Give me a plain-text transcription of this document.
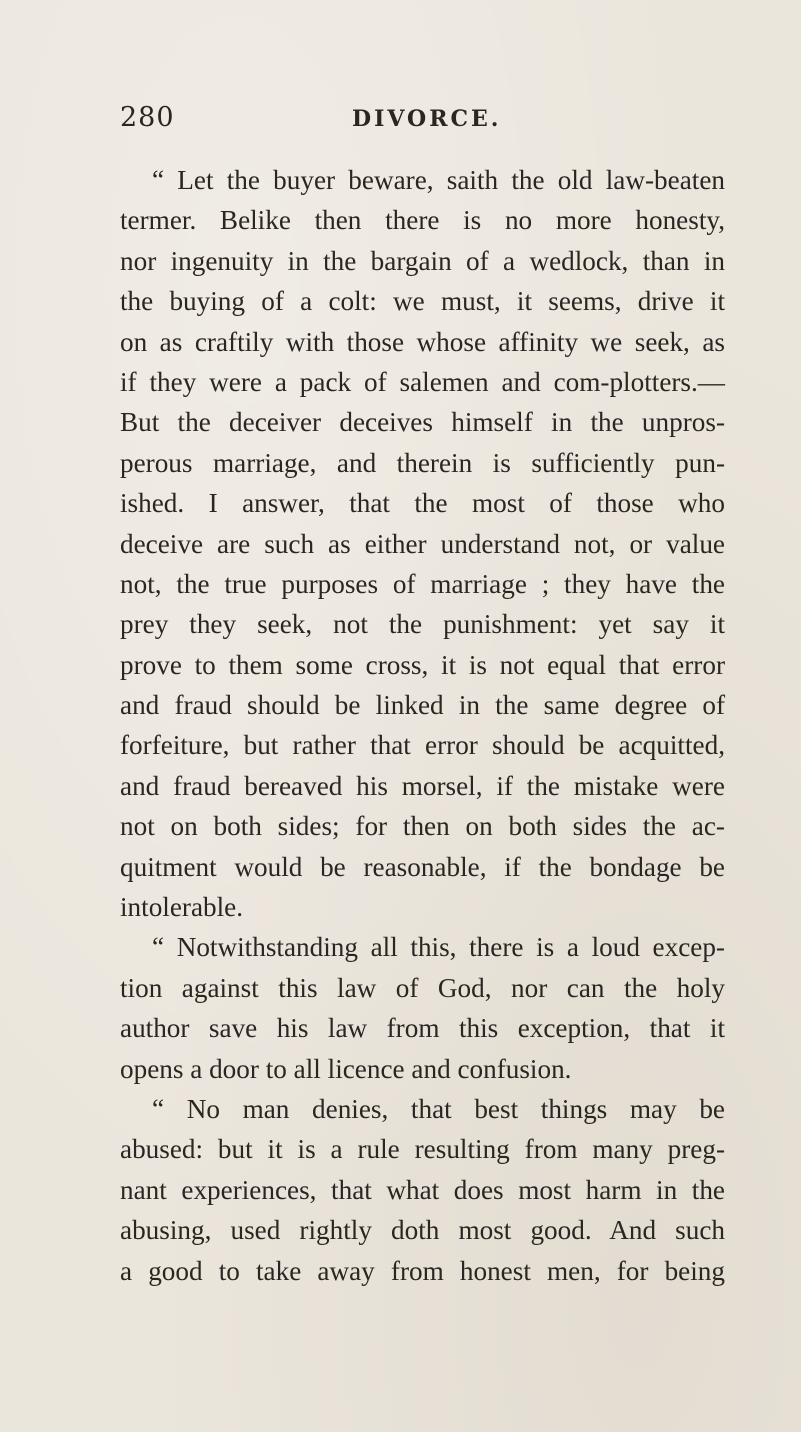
280	DIVORCE.
“ Let the buyer beware, saith the old law-beaten
termer. Belike then there is no more honesty,
nor ingenuity in the bargain of a wedlock, than in
the buying of a colt: we must, it seems, drive it
on as craftily with those whose affinity we seek, as
if they were a pack of salemen and com-plotters.—
But the deceiver deceives himself in the unpros-
perous marriage, and therein is sufficiently pun-
ished. I answer, that the most of those who
deceive are such as either understand not, or value
not, the true purposes of marriage ; they have the
prey they seek, not the punishment: yet say it
prove to them some cross, it is not equal that error
and fraud should be linked in the same degree of
forfeiture, but rather that error should be acquitted,
and fraud bereaved his morsel, if the mistake were
not on both sides; for then on both sides the ac-
quitment would be reasonable, if the bondage be
intolerable.
“ Notwithstanding all this, there is a loud excep-
tion against this law of God, nor can the holy
author save his law from this exception, that it
opens a door to all licence and confusion.
“ No man denies, that best things may be
abused: but it is a rule resulting from many preg-
nant experiences, that what does most harm in the
abusing, used rightly doth most good. And such
a good to take away from honest men, for being
